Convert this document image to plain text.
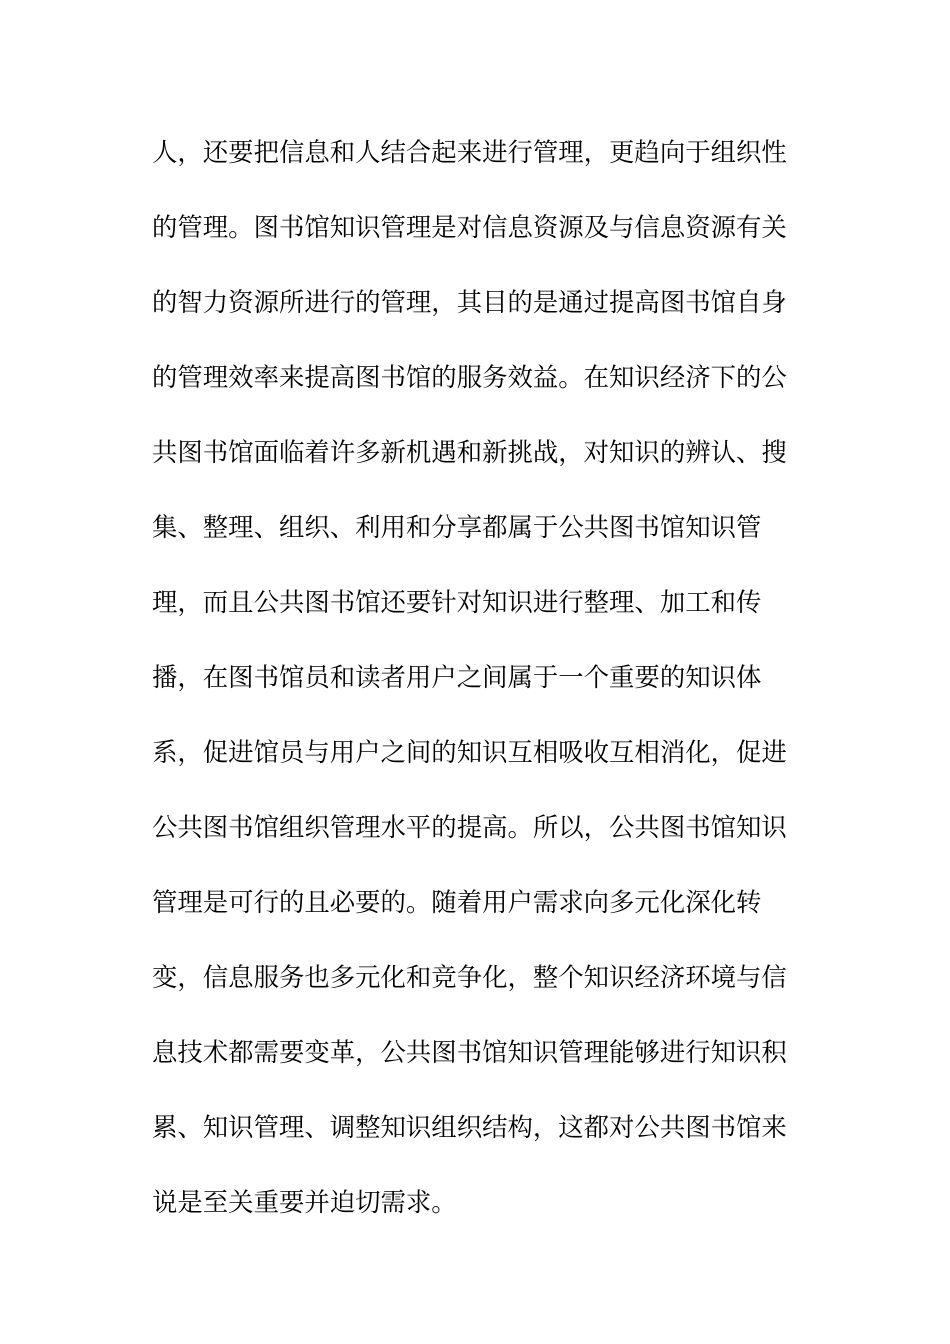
人，还要把信息和人结合起来进行管理，更趋向于组织性
的管理。图书馆知识管理是对信息资源及与信息资源有关
的智力资源所进行的管理，其目的是通过提高图书馆自身
的管理效率来提高图书馆的服务效益。在知识经济下的公
共图书馆面临着许多新机遇和新挑战，对知识的辨认、搜
集、整理、组织、利用和分享都属于公共图书馆知识管
理，而且公共图书馆还要针对知识进行整理、加工和传
播，在图书馆员和读者用户之间属于一个重要的知识体
系，促进馆员与用户之间的知识互相吸收互相消化，促进
公共图书馆组织管理水平的提高。所以，公共图书馆知识
管理是可行的且必要的。随着用户需求向多元化深化转
变，信息服务也多元化和竞争化，整个知识经济环境与信
息技术都需要变革，公共图书馆知识管理能够进行知识积
累、知识管理、调整知识组织结构，这都对公共图书馆来
说是至关重要并迫切需求。
